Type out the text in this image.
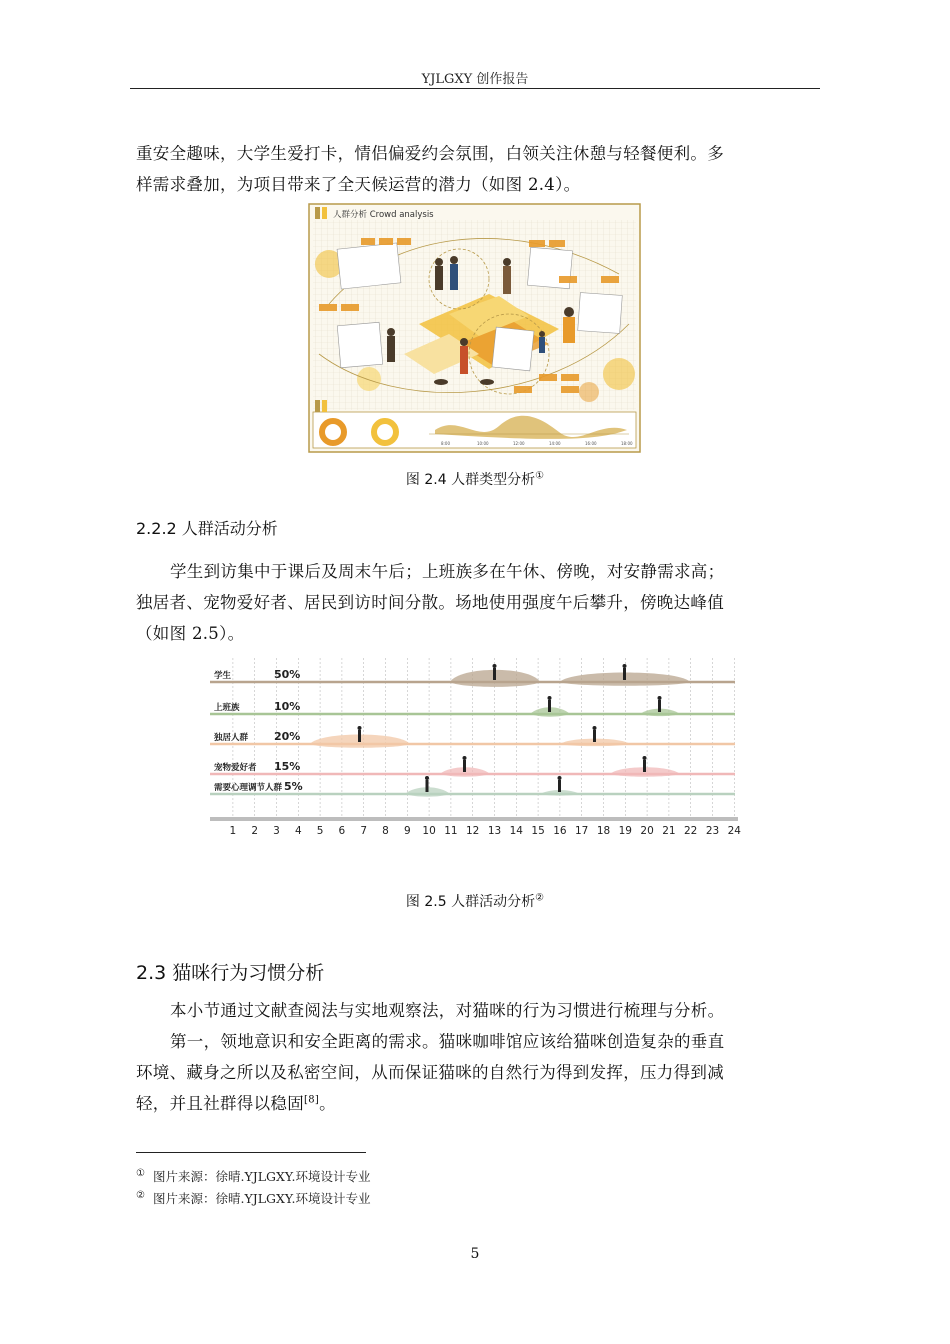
YJLGXY 创作报告
重安全趣味，大学生爱打卡，情侣偏爱约会氛围，白领关注休憩与轻餐便利。多
样需求叠加，为项目带来了全天候运营的潜力（如图 2.4）。
人群分析 Crowd analysis
8:00	10:00	12:00	14:00	16:00	18:00
图 2.4 人群类型分析①
2.2.2 人群活动分析
学生到访集中于课后及周末午后；上班族多在午休、傍晚，对安静需求高；
独居者、宠物爱好者、居民到访时间分散。场地使用强度午后攀升，傍晚达峰值
（如图 2.5）。
学生	50%
上班族	10%
独居人群 20%
宠物爱好者 15%
需要心理调节人群 5%
1 2 3 4 5 6 7 8 9 10 11 12 13 14 15 16 17 18 19 20 21 22 23 24
图 2.5 人群活动分析②
2.3 猫咪行为习惯分析
本小节通过文献查阅法与实地观察法，对猫咪的行为习惯进行梳理与分析。
第一，领地意识和安全距离的需求。猫咪咖啡馆应该给猫咪创造复杂的垂直
环境、藏身之所以及私密空间，从而保证猫咪的自然行为得到发挥，压力得到减
轻，并且社群得以稳固[8]。
① 图片来源：徐晴.YJLGXY.环境设计专业
② 图片来源：徐晴.YJLGXY.环境设计专业
5
